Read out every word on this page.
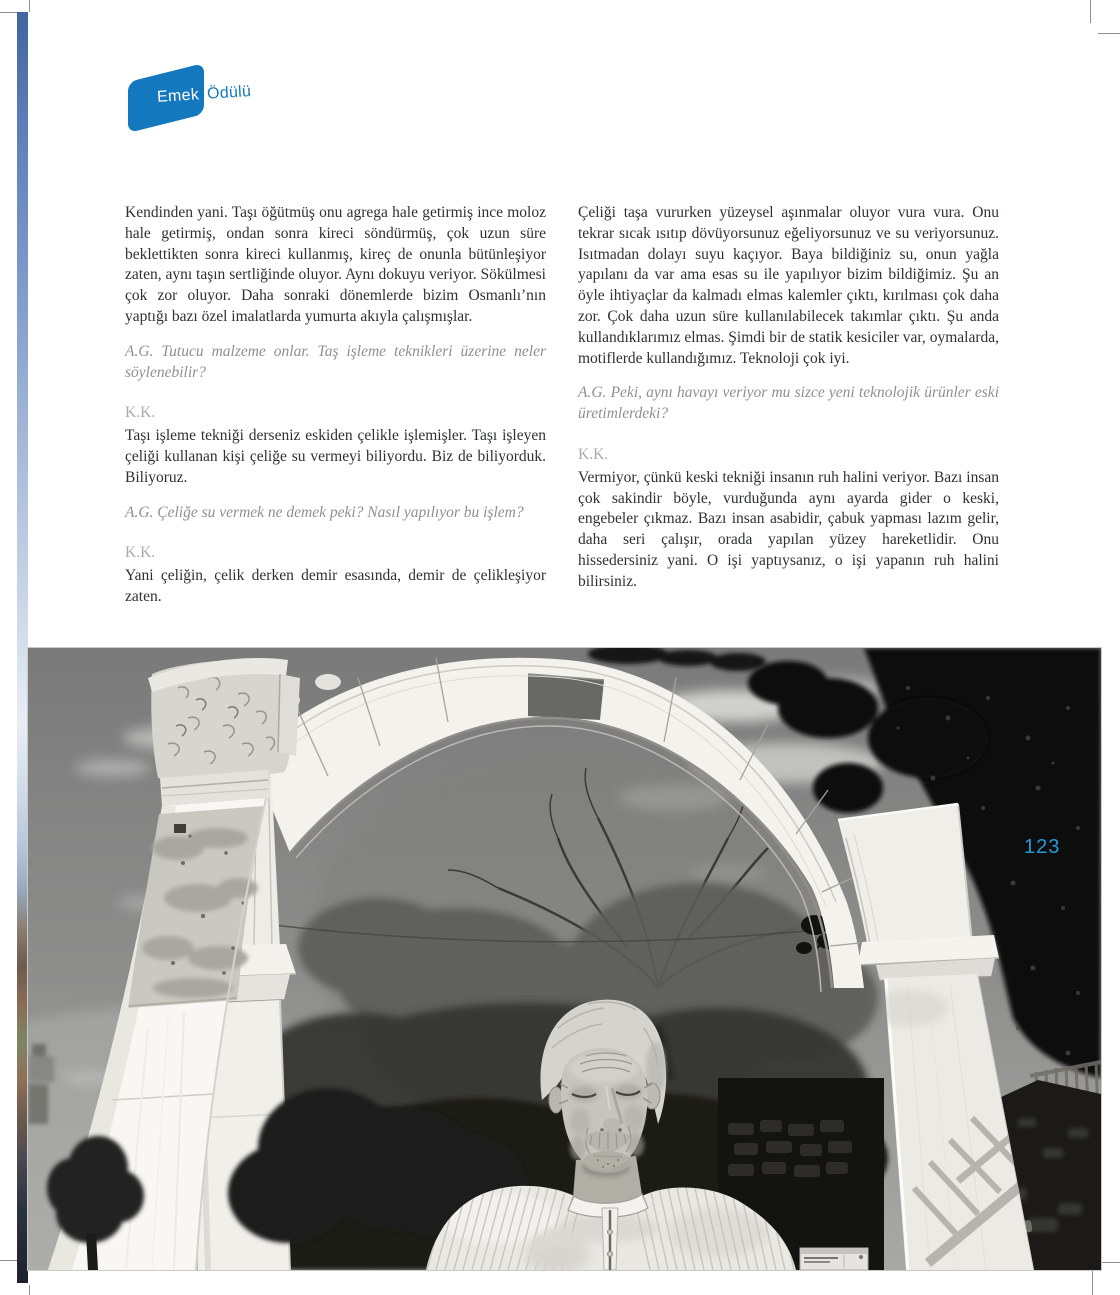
Emek Ödülü

Kendinden yani. Taşı öğütmüş onu agrega hale getirmiş ince moloz hale getirmiş, ondan sonra kireci söndürmüş, çok uzun süre beklettikten sonra kireci kullanmış, kireç de onunla bütünleşiyor zaten, aynı taşın sertliğinde oluyor. Aynı dokuyu veriyor. Sökülmesi çok zor oluyor. Daha sonraki dönemlerde bizim Osmanlı’nın yaptığı bazı özel imalatlarda yumurta akıyla çalışmışlar.

A.G. Tutucu malzeme onlar. Taş işleme teknikleri üzerine neler söylenebilir?

K.K.

Taşı işleme tekniği derseniz eskiden çelikle işlemişler. Taşı işleyen çeliği kullanan kişi çeliğe su vermeyi biliyordu. Biz de biliyorduk. Biliyoruz.

A.G. Çeliğe su vermek ne demek peki? Nasıl yapılıyor bu işlem?

K.K.

Yani çeliğin, çelik derken demir esasında, demir de çelikleşiyor zaten.

Çeliği taşa vururken yüzeysel aşınmalar oluyor vura vura. Onu tekrar sıcak ısıtıp dövüyorsunuz eğeliyorsunuz ve su veriyorsunuz. Isıtmadan dolayı suyu kaçıyor. Baya bildiğiniz su, onun yağla yapılanı da var ama esas su ile yapılıyor bizim bildiğimiz. Şu an öyle ihtiyaçlar da kalmadı elmas kalemler çıktı, kırılması çok daha zor. Çok daha uzun süre kullanılabilecek takımlar çıktı. Şu anda kullandıklarımız elmas. Şimdi bir de statik kesiciler var, oymalarda, motiflerde kullandığımız. Teknoloji çok iyi.

A.G. Peki, aynı havayı veriyor mu sizce yeni teknolojik ürünler eski üretimlerdeki?

K.K.

Vermiyor, çünkü keski tekniği insanın ruh halini veriyor. Bazı insan çok sakindir böyle, vurduğunda aynı ayarda gider o keski, engebeler çıkmaz. Bazı insan asabidir, çabuk yapması lazım gelir, daha seri çalışır, orada yapılan yüzey hareketlidir. Onu hissedersiniz yani. O işi yaptıysanız, o işi yapanın ruh halini bilirsiniz.

123
